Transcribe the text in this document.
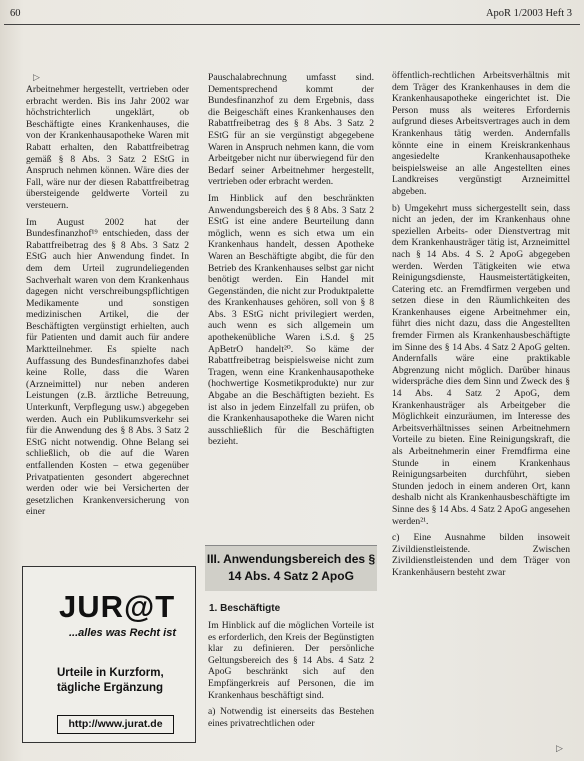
60	ApoR 1/2003 Heft 3
▷

Arbeitnehmer hergestellt, vertrieben oder erbracht werden. Bis ins Jahr 2002 war höchstrichterlich ungeklärt, ob Beschäftigte eines Krankenhauses, die von der Krankenhausapotheke Waren mit Rabatt erhalten, den Rabattfreibetrag gemäß § 8 Abs. 3 Satz 2 EStG in Anspruch nehmen können. Wäre dies der Fall, wäre nur der diesen Rabattfreibetrag übersteigende geldwerte Vorteil zu versteuern.

Im August 2002 hat der Bundesfinanzhof¹⁹ entschieden, dass der Rabattfreibetrag des § 8 Abs. 3 Satz 2 EStG auch hier Anwendung findet. In dem dem Urteil zugrundeliegenden Sachverhalt waren von dem Krankenhaus dagegen nicht verschreibungspflichtigen Medikamente und sonstigen medizinischen Artikel, die der Beschäftigten vergünstigt erhielten, auch für Patienten und damit auch für andere Marktteilnehmer. Es spielte nach Auffassung des Bundesfinanzhofes dabei keine Rolle, dass die Waren (Arzneimittel) nur neben anderen Leistungen (z.B. ärztliche Betreuung, Unterkunft, Verpflegung usw.) abgegeben werden. Auch ein Publikumsverkehr sei für die Anwendung des § 8 Abs. 3 Satz 2 EStG nicht notwendig. Ohne Belang sei schließlich, ob die auf die Waren entfallenden Kosten – etwa gegenüber Privatpatienten gesondert abgerechnet werden oder wie bei Versicherten der gesetzlichen Krankenversicherung von einer

JUR@T
...alles was Recht ist
Urteile in Kurzform,
tägliche Ergänzung
http://www.jurat.de

Pauschalabrechnung umfasst sind. Dementsprechend kommt der Bundesfinanzhof zu dem Ergebnis, dass die Beigeschäft eines Krankenhauses den Rabattfreibetrag des § 8 Abs. 3 Satz 2 EStG für an sie vergünstigt abgegebene Waren in Anspruch nehmen kann, die vom Arbeitgeber nicht nur überwiegend für den Bedarf seiner Arbeitnehmer hergestellt, vertrieben oder erbracht werden.

Im Hinblick auf den beschränkten Anwendungsbereich des § 8 Abs. 3 Satz 2 EStG ist eine andere Beurteilung dann möglich, wenn es sich etwa um ein Krankenhaus handelt, dessen Apotheke Waren an Beschäftigte abgibt, die für den Betrieb des Krankenhauses selbst gar nicht benötigt werden. Ein Handel mit Gegenständen, die nicht zur Produktpalette des Krankenhauses gehören, soll von § 8 Abs. 3 EStG nicht privilegiert werden, auch wenn es sich allgemein um apothekenübliche Waren i.S.d. § 25 ApBetrO handelt²⁰. So käme der Rabattfreibetrag beispielsweise nicht zum Tragen, wenn eine Krankenhausapotheke (hochwertige Kosmetikprodukte) nur zur Abgabe an die Beschäftigten bezieht. Es ist also in jedem Einzelfall zu prüfen, ob die Krankenhausapotheke die Waren nicht ausschließlich für die Beschäftigten bezieht.

III. Anwendungsbereich des § 14 Abs. 4 Satz 2 ApoG
1. Beschäftigte

Im Hinblick auf die möglichen Vorteile ist es erforderlich, den Kreis der Begünstigten klar zu definieren. Der persönliche Geltungsbereich des § 14 Abs. 4 Satz 2 ApoG beschränkt sich auf den Empfängerkreis auf Personen, die im Krankenhaus beschäftigt sind.

a) Notwendig ist einerseits das Bestehen eines privatrechtlichen oder

öffentlich-rechtlichen Arbeitsverhältnis mit dem Träger des Krankenhauses in dem die Krankenhausapotheke eingerichtet ist. Die Person muss als weiteres Erfordernis aufgrund dieses Arbeitsvertrages auch in dem Krankenhaus tätig werden. Andernfalls könnte eine in einem Kreiskrankenhaus angesiedelte Krankenhausapotheke beispielsweise an alle Angestellten eines Landkreises vergünstigt Arzneimittel abgeben.

b) Umgekehrt muss sichergestellt sein, dass nicht an jeden, der im Krankenhaus ohne speziellen Arbeits- oder Dienstvertrag mit dem Krankenhausträger tätig ist, Arzneimittel nach § 14 Abs. 4 S. 2 ApoG abgegeben werden. Werden Tätigkeiten wie etwa Reinigungsdienste, Hausmeistertätigkeiten, Catering etc. an Fremdfirmen vergeben und setzen diese in den Räumlichkeiten des Krankenhauses eigene Arbeitnehmer ein, führt dies nicht dazu, dass die Angestellten fremder Firmen als Krankenhausbeschäftigte im Sinne des § 14 Abs. 4 Satz 2 ApoG gelten. Andernfalls wäre eine praktikable Abgrenzung nicht möglich. Darüber hinaus widerspräche dies dem Sinn und Zweck des § 14 Abs. 4 Satz 2 ApoG, dem Krankenhausträger als Arbeitgeber die Möglichkeit einzuräumen, im Interesse des Arbeitsverhältnisses seinen Arbeitnehmern Vorteile zu bieten. Eine Reinigungskraft, die als Arbeitnehmerin einer Fremdfirma eine Stunde in einem Krankenhaus Reinigungsarbeiten durchführt, sieben Stunden jedoch in einem anderen Ort, kann deshalb nicht als Krankenhausbeschäftigte im Sinne des § 14 Abs. 4 Satz 2 ApoG angesehen werden²¹.

c) Eine Ausnahme bilden insoweit Zivildienstleistende. Zwischen Zivildienstleistenden und dem Träger von Krankenhäusern besteht zwar

▷
